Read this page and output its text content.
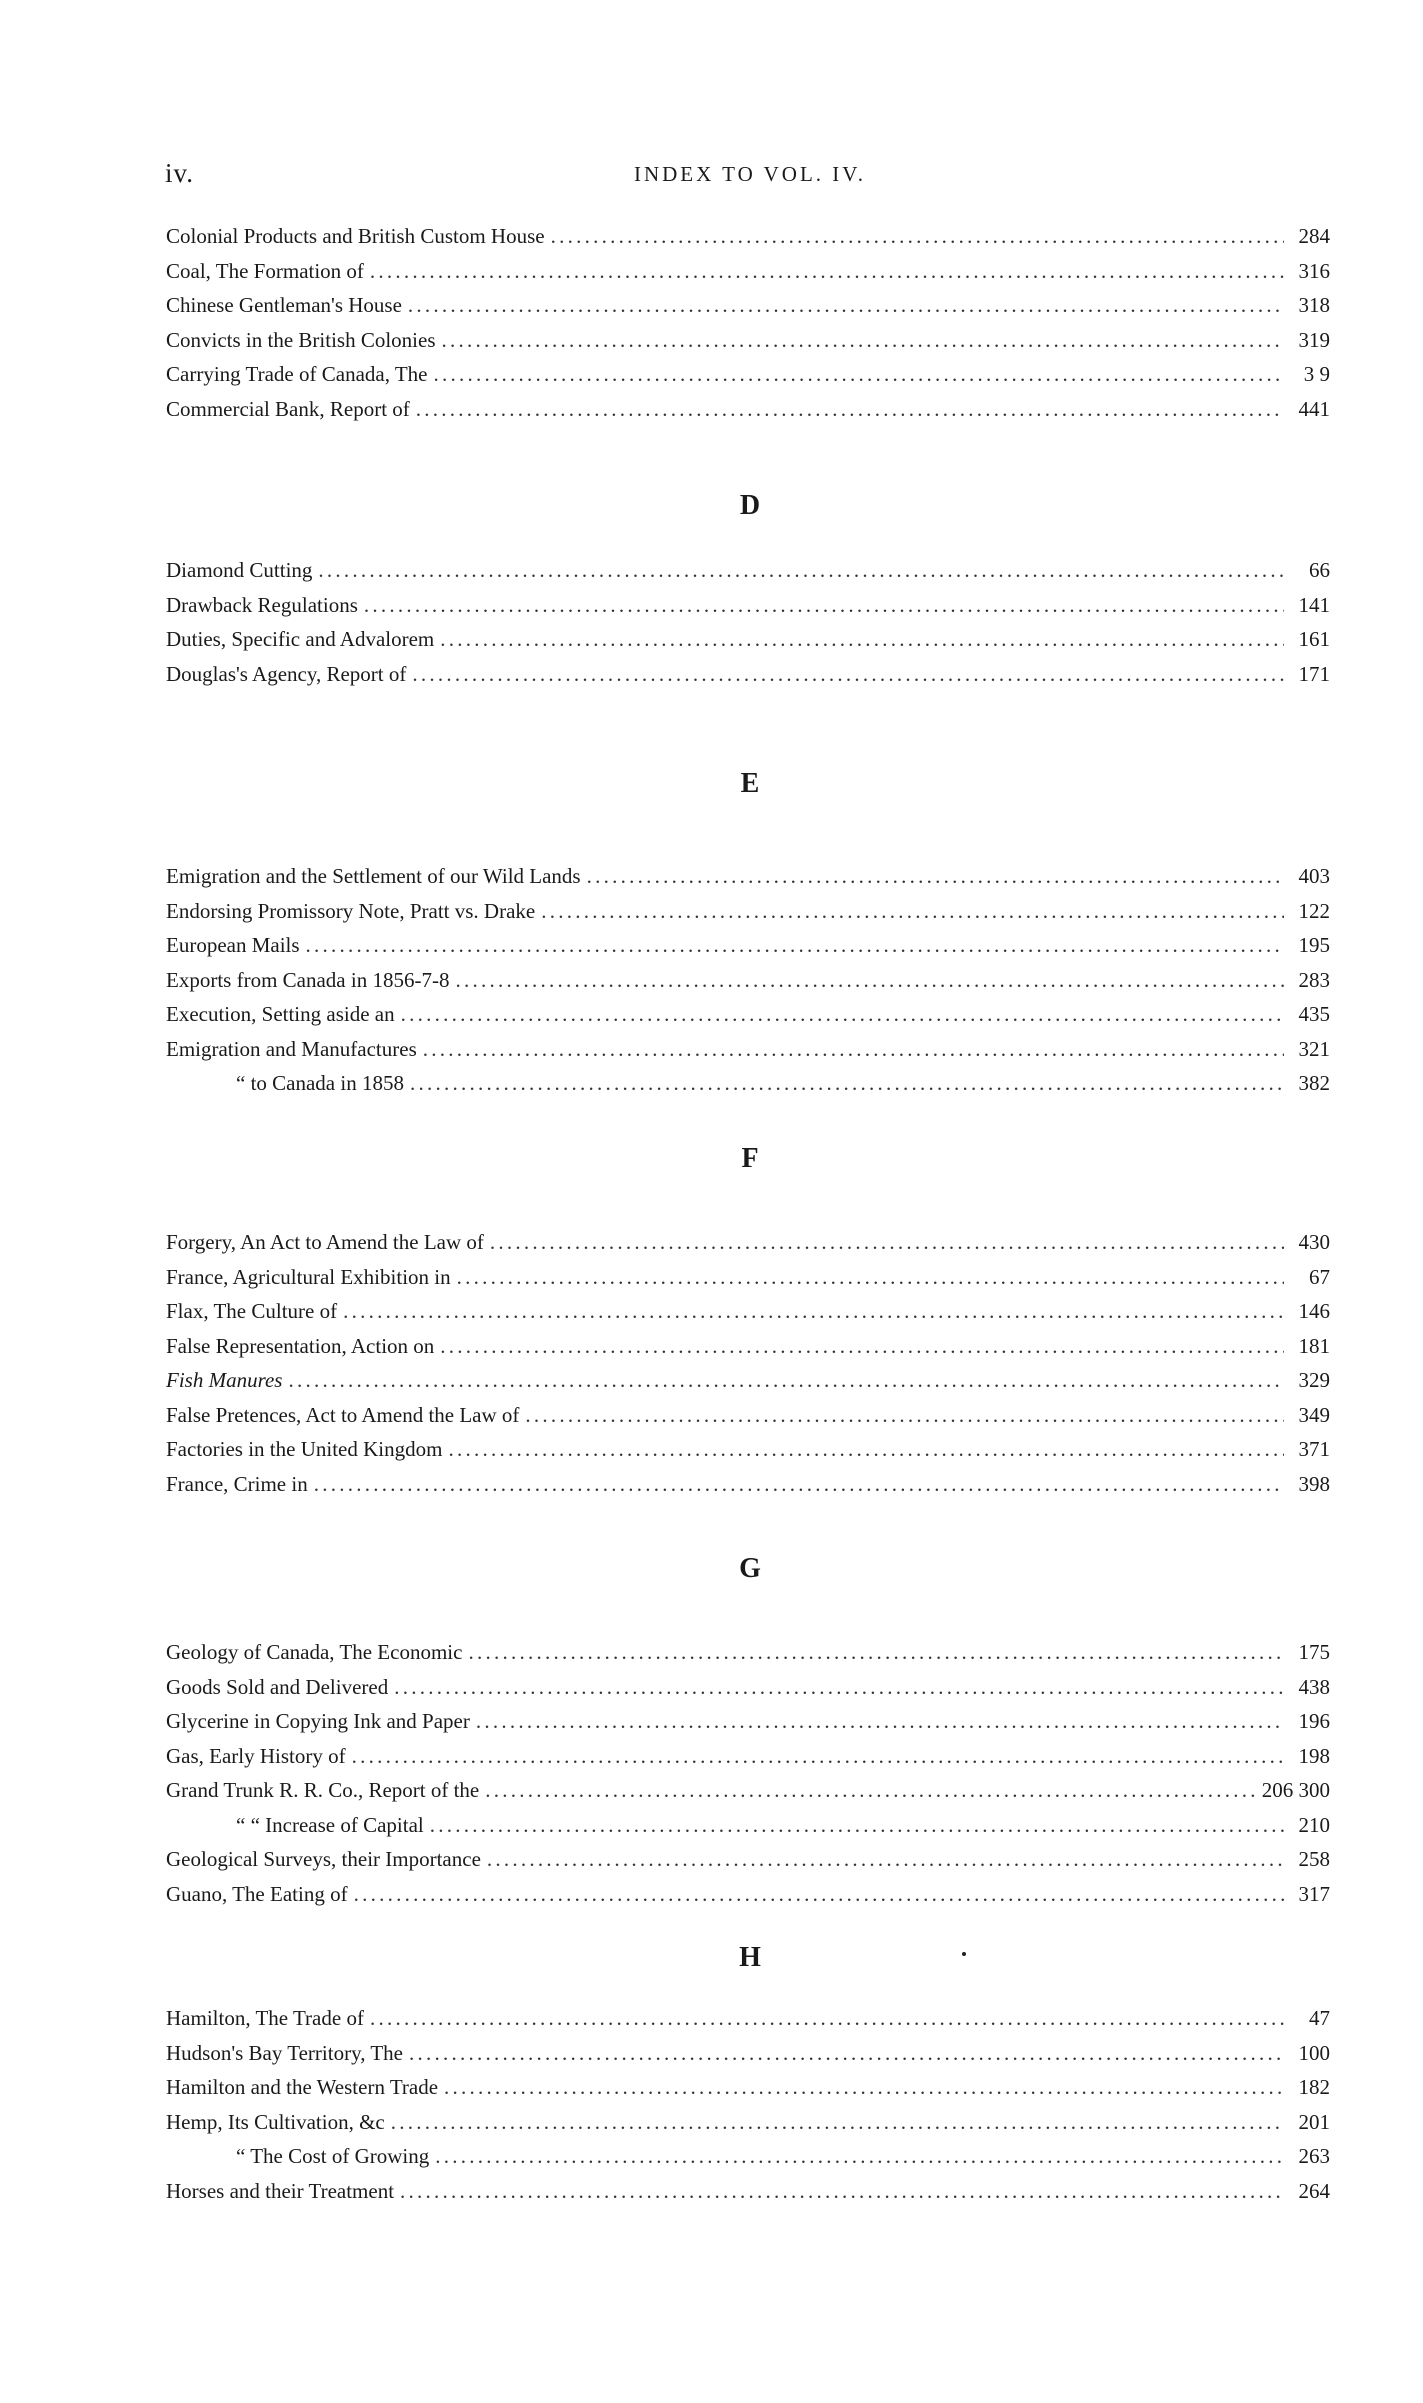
iv.	INDEX TO VOL. IV.
Colonial Products and British Custom House . . .	284
Coal, The Formation of . . .	316
Chinese Gentleman's House . . .	318
Convicts in the British Colonies . . .	319
Carrying Trade of Canada, The . . .	3 9
Commercial Bank, Report of . . .	441
D
Diamond Cutting . . .	66
Drawback Regulations . . .	141
Duties, Specific and Advalorem . . .	161
Douglas's Agency, Report of . . .	171
E
Emigration and the Settlement of our Wild Lands . . .	403
Endorsing Promissory Note, Pratt vs. Drake . . .	122
European Mails . . .	195
Exports from Canada in 1856-7-8 . . .	283
Execution, Setting aside an . . .	435
Emigration and Manufactures . . .	321
“ to Canada in 1858 . . .	382
F
Forgery, An Act to Amend the Law of . . .	430
France, Agricultural Exhibition in . . .	67
Flax, The Culture of . . .	146
False Representation, Action on . . .	181
Fish Manures . . .	329
False Pretences, Act to Amend the Law of . . .	349
Factories in the United Kingdom . . .	371
France, Crime in . . .	398
G
Geology of Canada, The Economic . . .	175
Goods Sold and Delivered . . .	438
Glycerine in Copying Ink and Paper . . .	196
Gas, Early History of . . .	198
Grand Trunk R. R. Co., Report of the . . .	206 300
“ “ Increase of Capital . . .	210
Geological Surveys, their Importance . . .	258
Guano, The Eating of . . .	317
H
Hamilton, The Trade of . . .	47
Hudson's Bay Territory, The . . .	100
Hamilton and the Western Trade . . .	182
Hemp, Its Cultivation, &c . . .	201
“ The Cost of Growing . . .	263
Horses and their Treatment . . .	264
